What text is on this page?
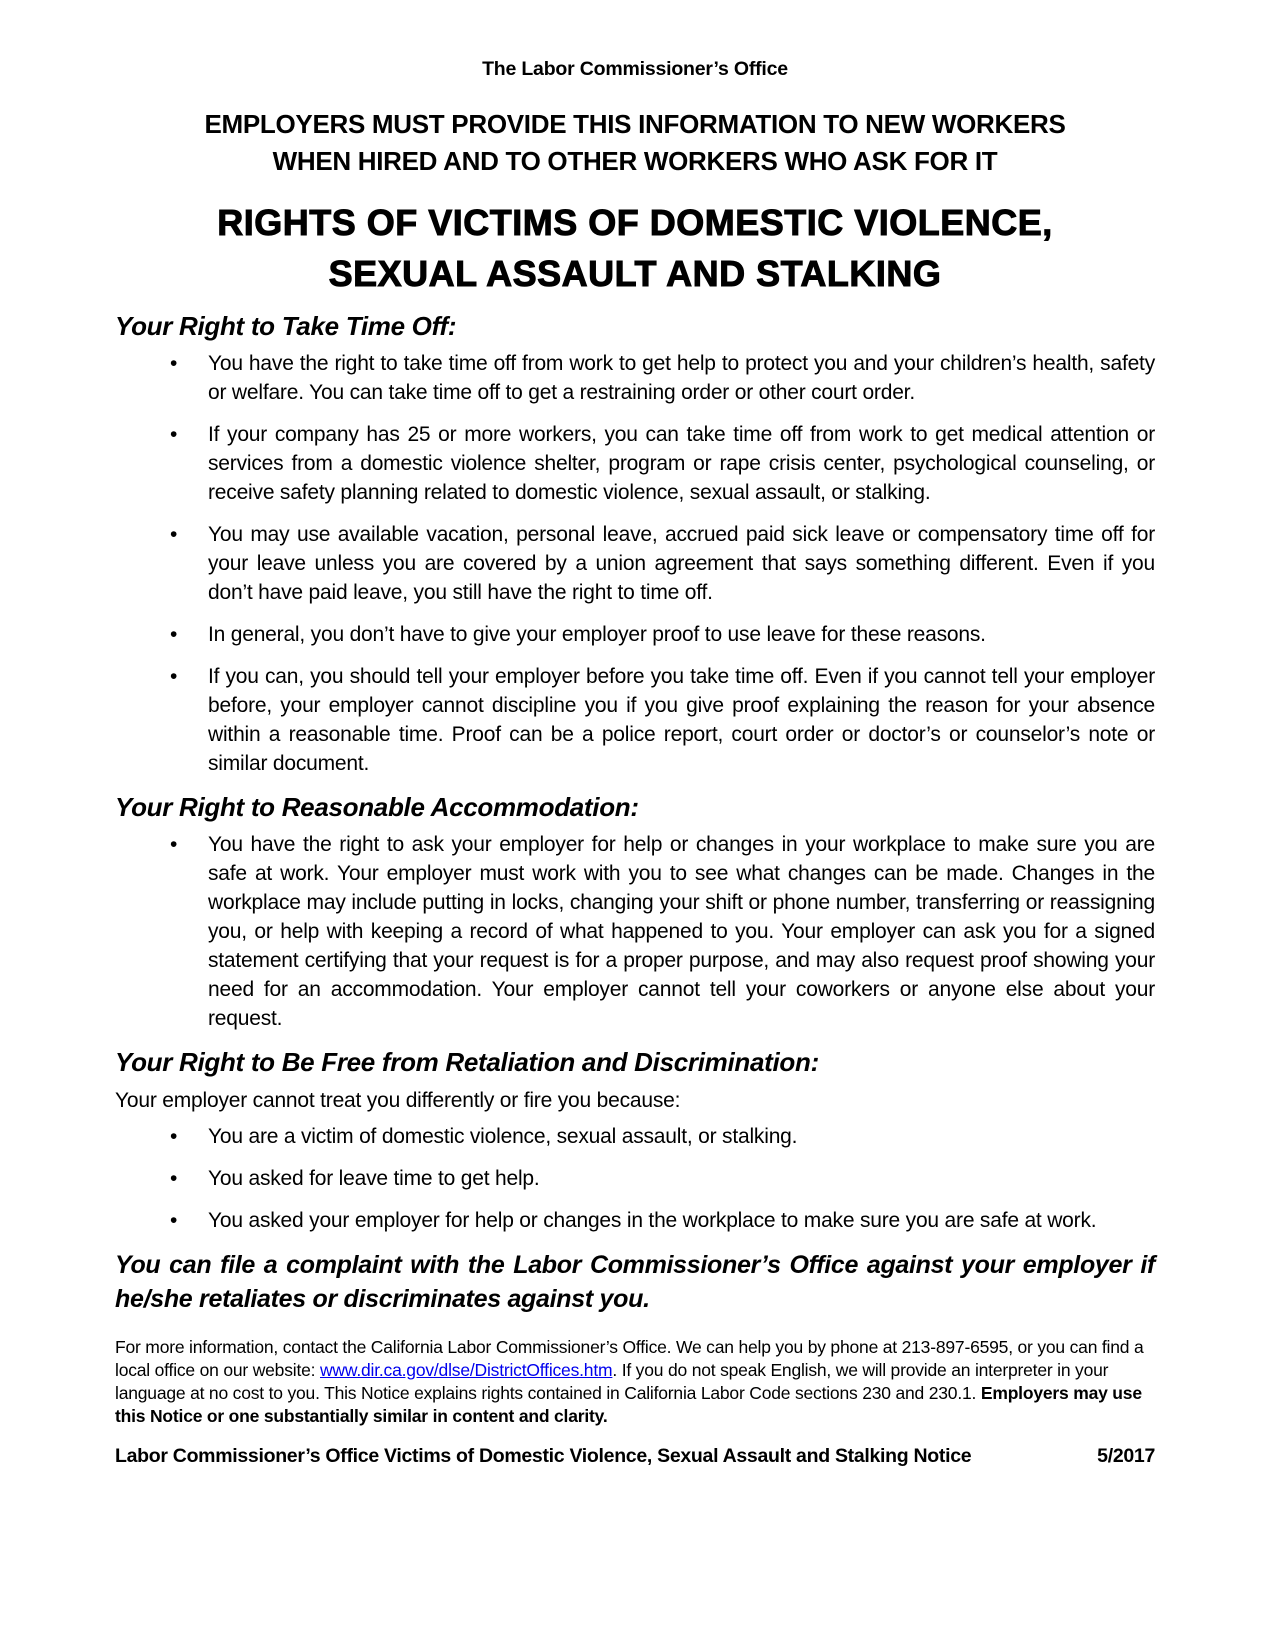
The Labor Commissioner’s Office
EMPLOYERS MUST PROVIDE THIS INFORMATION TO NEW WORKERS
WHEN HIRED AND TO OTHER WORKERS WHO ASK FOR IT
RIGHTS OF VICTIMS OF DOMESTIC VIOLENCE,
SEXUAL ASSAULT AND STALKING
Your Right to Take Time Off:
• You have the right to take time off from work to get help to protect you and your children’s health, safety or welfare. You can take time off to get a restraining order or other court order.
• If your company has 25 or more workers, you can take time off from work to get medical attention or services from a domestic violence shelter, program or rape crisis center, psychological counseling, or receive safety planning related to domestic violence, sexual assault, or stalking.
• You may use available vacation, personal leave, accrued paid sick leave or compensatory time off for your leave unless you are covered by a union agreement that says something different. Even if you don’t have paid leave, you still have the right to time off.
• In general, you don’t have to give your employer proof to use leave for these reasons.
• If you can, you should tell your employer before you take time off. Even if you cannot tell your employer before, your employer cannot discipline you if you give proof explaining the reason for your absence within a reasonable time. Proof can be a police report, court order or doctor’s or counselor’s note or similar document.
Your Right to Reasonable Accommodation:
• You have the right to ask your employer for help or changes in your workplace to make sure you are safe at work. Your employer must work with you to see what changes can be made. Changes in the workplace may include putting in locks, changing your shift or phone number, transferring or reassigning you, or help with keeping a record of what happened to you. Your employer can ask you for a signed statement certifying that your request is for a proper purpose, and may also request proof showing your need for an accommodation. Your employer cannot tell your coworkers or anyone else about your request.
Your Right to Be Free from Retaliation and Discrimination:

Your employer cannot treat you differently or fire you because:

• You are a victim of domestic violence, sexual assault, or stalking.
• You asked for leave time to get help.
• You asked your employer for help or changes in the workplace to make sure you are safe at work.

You can file a complaint with the Labor Commissioner’s Office against your employer if he/she retaliates or discriminates against you.

For more information, contact the California Labor Commissioner’s Office. We can help you by phone at 213-897-6595, or you can find a local office on our website: www.dir.ca.gov/dlse/DistrictOffices.htm. If you do not speak English, we will provide an interpreter in your language at no cost to you. This Notice explains rights contained in California Labor Code sections 230 and 230.1. Employers may use this Notice or one substantially similar in content and clarity.

Labor Commissioner’s Office Victims of Domestic Violence, Sexual Assault and Stalking Notice	5/2017
